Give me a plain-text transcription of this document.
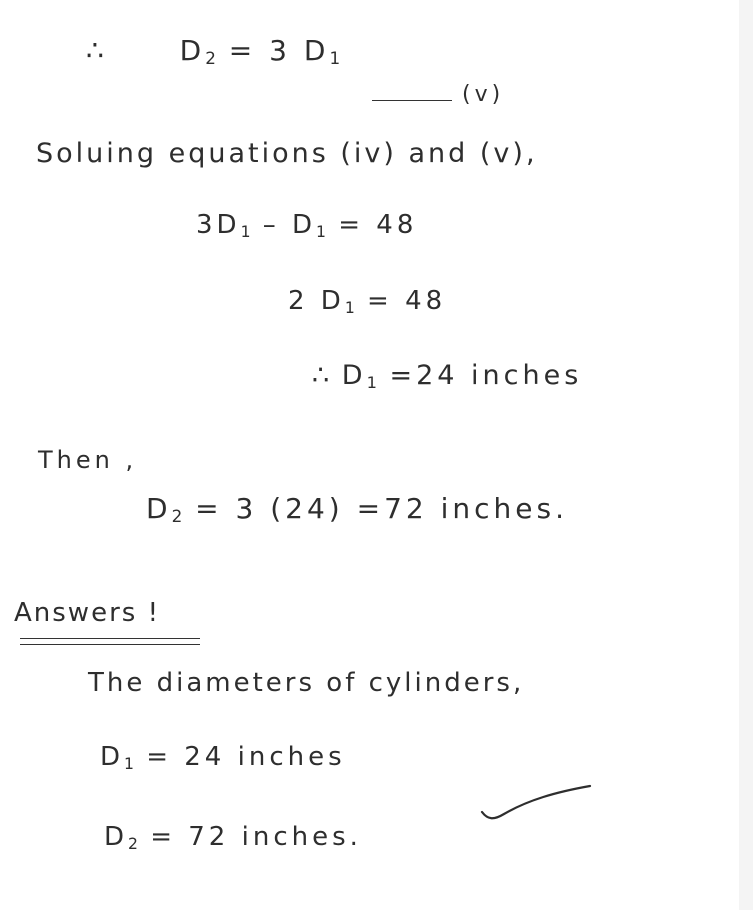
∴	$D_2 = 3$ $D_1$
(v)
Soluing equations (iv) and (v),
$3D_1 - D_1 = 48$
2 $D_1 = 48$
∴ $D_1 =24$ inches
Then ,
$D_2 = 3$ (24) =72 inches.
Answers !
The diameters of cylinders,
$D_1 = 24$ inches
$D_2 = 72$ inches.
